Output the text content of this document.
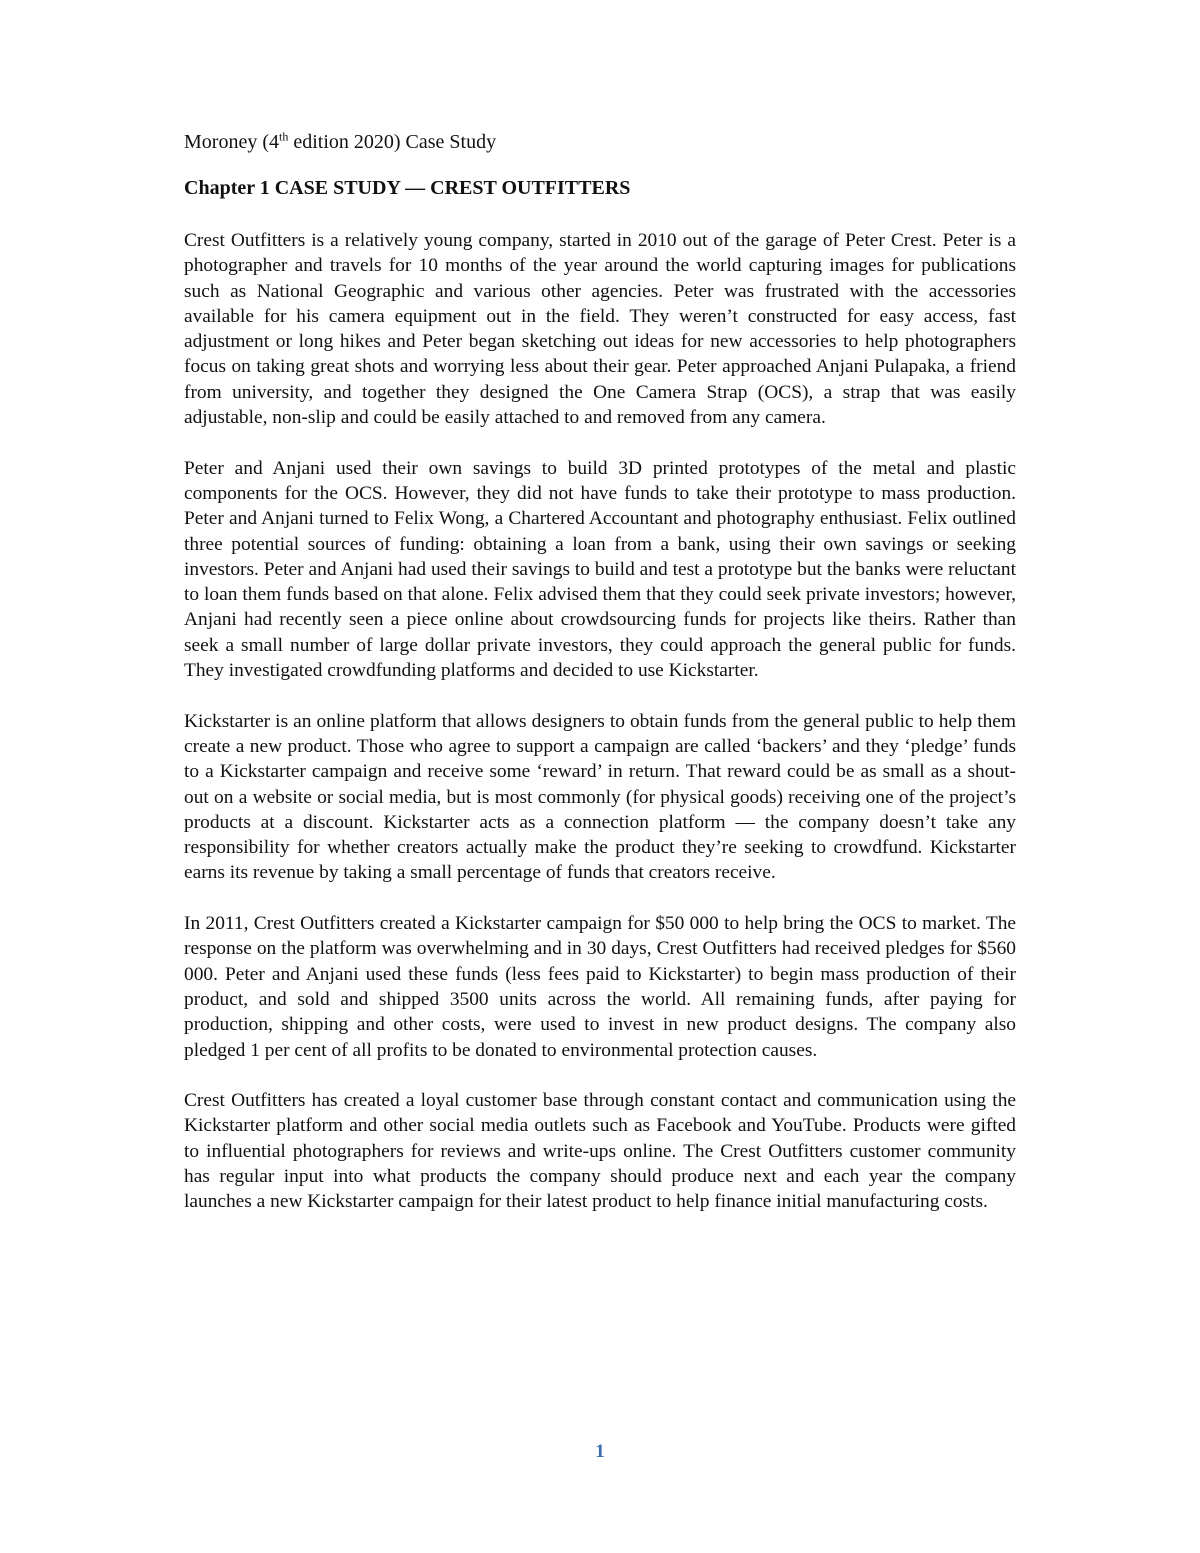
Moroney (4th edition 2020) Case Study

Chapter 1 CASE STUDY — CREST OUTFITTERS

Crest Outfitters is a relatively young company, started in 2010 out of the garage of Peter Crest. Peter is a photographer and travels for 10 months of the year around the world capturing images for publications such as National Geographic and various other agencies. Peter was frustrated with the accessories available for his camera equipment out in the field. They weren’t constructed for easy access, fast adjustment or long hikes and Peter began sketching out ideas for new accessories to help photographers focus on taking great shots and worrying less about their gear. Peter approached Anjani Pulapaka, a friend from university, and together they designed the One Camera Strap (OCS), a strap that was easily adjustable, non-slip and could be easily attached to and removed from any camera.

Peter and Anjani used their own savings to build 3D printed prototypes of the metal and plastic components for the OCS. However, they did not have funds to take their prototype to mass production. Peter and Anjani turned to Felix Wong, a Chartered Accountant and photography enthusiast. Felix outlined three potential sources of funding: obtaining a loan from a bank, using their own savings or seeking investors. Peter and Anjani had used their savings to build and test a prototype but the banks were reluctant to loan them funds based on that alone. Felix advised them that they could seek private investors; however, Anjani had recently seen a piece online about crowdsourcing funds for projects like theirs. Rather than seek a small number of large dollar private investors, they could approach the general public for funds. They investigated crowdfunding platforms and decided to use Kickstarter.

Kickstarter is an online platform that allows designers to obtain funds from the general public to help them create a new product. Those who agree to support a campaign are called ‘backers’ and they ‘pledge’ funds to a Kickstarter campaign and receive some ‘reward’ in return. That reward could be as small as a shout-out on a website or social media, but is most commonly (for physical goods) receiving one of the project’s products at a discount. Kickstarter acts as a connection platform — the company doesn’t take any responsibility for whether creators actually make the product they’re seeking to crowdfund. Kickstarter earns its revenue by taking a small percentage of funds that creators receive.

In 2011, Crest Outfitters created a Kickstarter campaign for $50 000 to help bring the OCS to market. The response on the platform was overwhelming and in 30 days, Crest Outfitters had received pledges for $560 000. Peter and Anjani used these funds (less fees paid to Kickstarter) to begin mass production of their product, and sold and shipped 3500 units across the world. All remaining funds, after paying for production, shipping and other costs, were used to invest in new product designs. The company also pledged 1 per cent of all profits to be donated to environmental protection causes.

Crest Outfitters has created a loyal customer base through constant contact and communication using the Kickstarter platform and other social media outlets such as Facebook and YouTube. Products were gifted to influential photographers for reviews and write-ups online. The Crest Outfitters customer community has regular input into what products the company should produce next and each year the company launches a new Kickstarter campaign for their latest product to help finance initial manufacturing costs.

1
